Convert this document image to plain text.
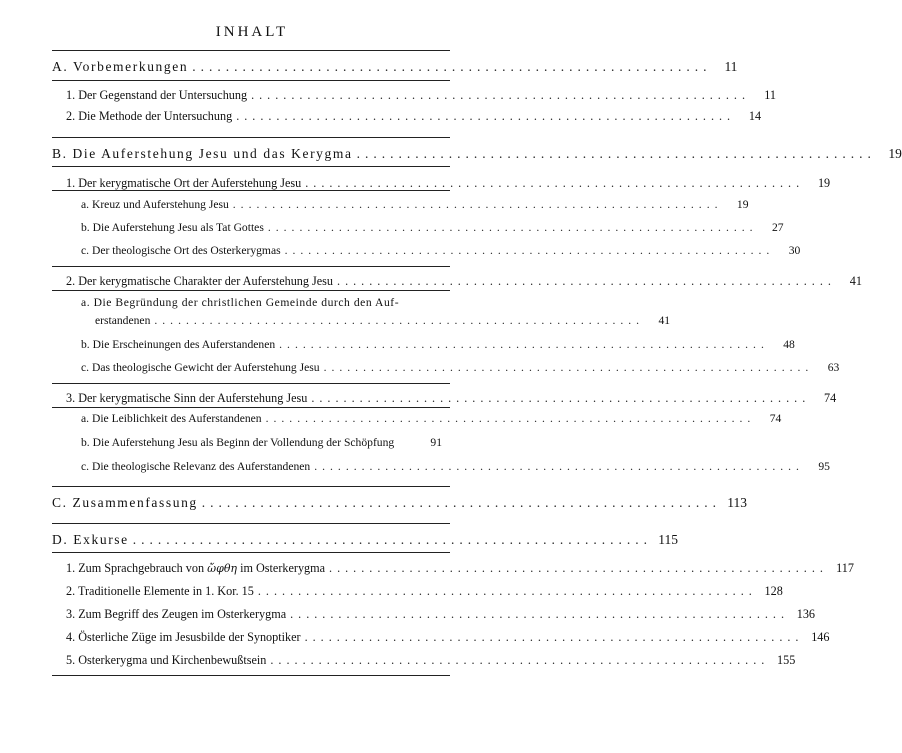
INHALT
A. Vorbemerkungen .............................................................. 11
1. Der Gegenstand der Untersuchung ..............................................................	11
2. Die Methode der Untersuchung ..............................................................	14
B. Die Auferstehung Jesu und das Kerygma .............................................................. 19
1. Der kerygmatische Ort der Auferstehung Jesu ..............................................................	19
a. Kreuz und Auferstehung Jesu ..............................................................	19
b. Die Auferstehung Jesu als Tat Gottes ..............................................................	27
c. Der theologische Ort des Osterkerygmas ..............................................................	30
2. Der kerygmatische Charakter der Auferstehung Jesu ..............................................................	41
a. Die Begründung der christlichen Gemeinde durch den Auf-
erstandenen ..............................................................	41
b. Die Erscheinungen des Auferstandenen ..............................................................	48
c. Das theologische Gewicht der Auferstehung Jesu ..............................................................	63
3. Der kerygmatische Sinn der Auferstehung Jesu ..............................................................	74
a. Die Leiblichkeit des Auferstandenen ..............................................................	74
b. Die Auferstehung Jesu als Beginn der Vollendung der Schöpfung	91
c. Die theologische Relevanz des Auferstandenen ..............................................................	95
C. Zusammenfassung .............................................................. 113
D. Exkurse .............................................................. 115
1. Zum Sprachgebrauch von ὤφθη im Osterkerygma .............................................................. 117
2. Traditionelle Elemente in 1. Kor. 15 .............................................................. 128
3. Zum Begriff des Zeugen im Osterkerygma .............................................................. 136
4. Österliche Züge im Jesusbilde der Synoptiker .............................................................. 146
5. Osterkerygma und Kirchenbewußtsein .............................................................. 155
